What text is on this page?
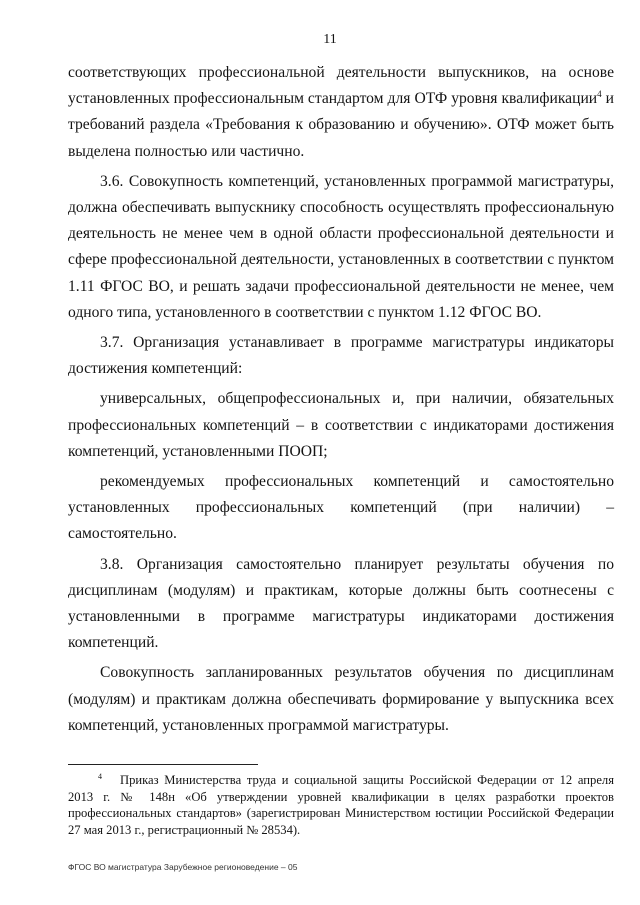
11

соответствующих профессиональной деятельности выпускников, на основе установленных профессиональным стандартом для ОТФ уровня квалификации$^4$ и требований раздела «Требования к образованию и обучению». ОТФ может быть выделена полностью или частично.

3.6. Совокупность компетенций, установленных программой магистратуры, должна обеспечивать выпускнику способность осуществлять профессиональную деятельность не менее чем в одной области профессиональной деятельности и сфере профессиональной деятельности, установленных в соответствии с пунктом 1.11 ФГОС ВО, и решать задачи профессиональной деятельности не менее, чем одного типа, установленного в соответствии с пунктом 1.12 ФГОС ВО.

3.7. Организация устанавливает в программе магистратуры индикаторы достижения компетенций:

универсальных, общепрофессиональных и, при наличии, обязательных профессиональных компетенций – в соответствии с индикаторами достижения компетенций, установленными ПООП;

рекомендуемых профессиональных компетенций и самостоятельно установленных профессиональных компетенций (при наличии) – самостоятельно.

3.8. Организация самостоятельно планирует результаты обучения по дисциплинам (модулям) и практикам, которые должны быть соотнесены с установленными в программе магистратуры индикаторами достижения компетенций.

Совокупность запланированных результатов обучения по дисциплинам (модулям) и практикам должна обеспечивать формирование у выпускника всех компетенций, установленных программой магистратуры.

$^4$ Приказ Министерства труда и социальной защиты Российской Федерации от 12 апреля 2013 г. № 148н «Об утверждении уровней квалификации в целях разработки проектов профессиональных стандартов» (зарегистрирован Министерством юстиции Российской Федерации 27 мая 2013 г., регистрационный № 28534).
ФГОС ВО магистратура Зарубежное регионоведение – 05
